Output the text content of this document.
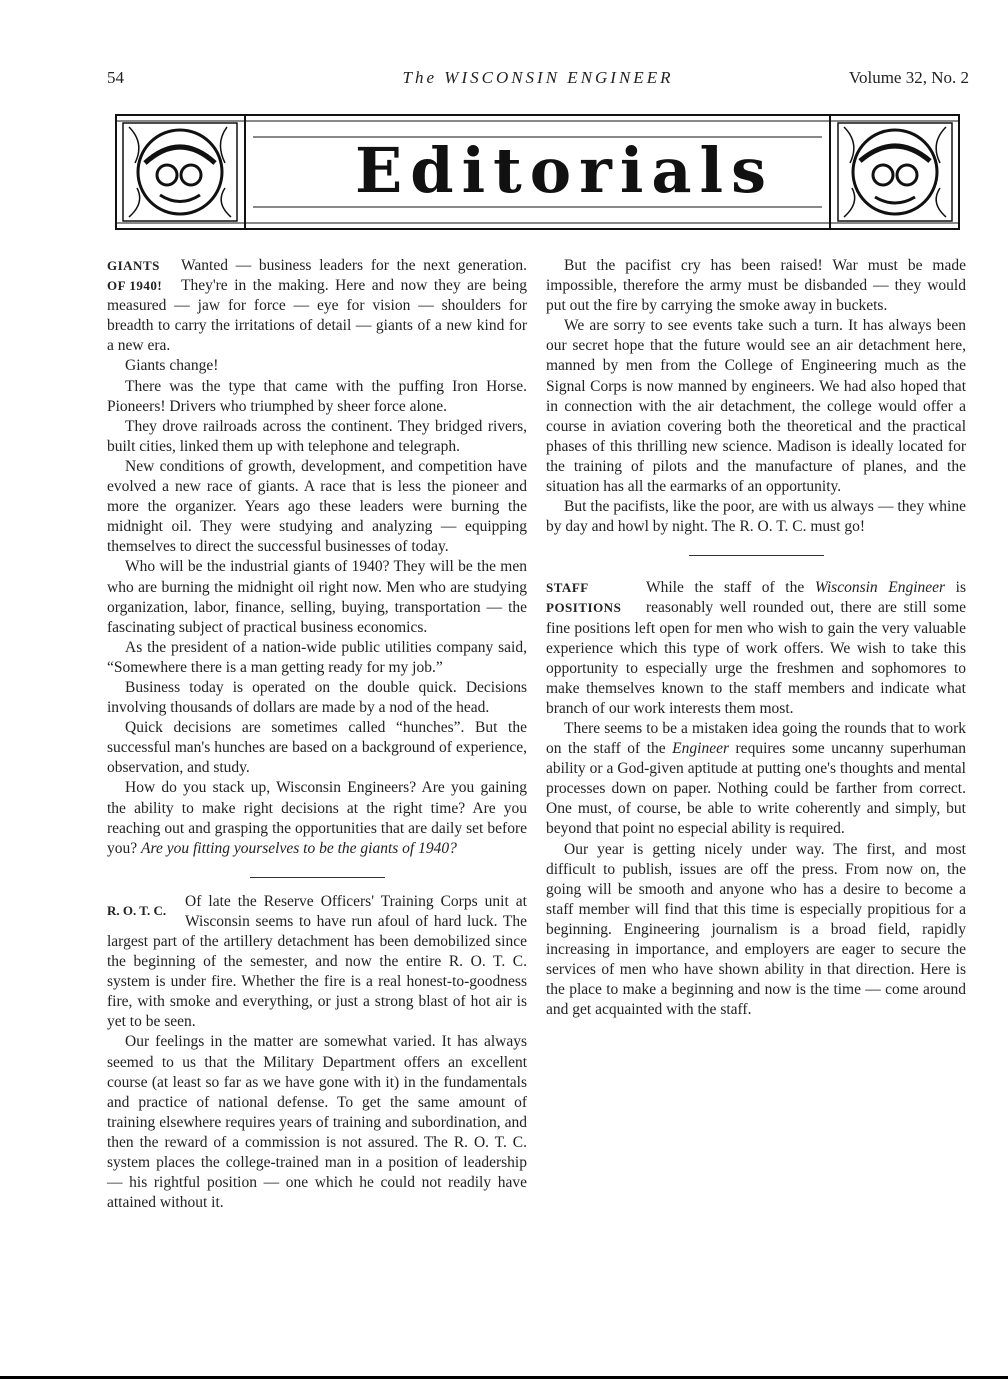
54	The WISCONSIN ENGINEER	Volume 32, No. 2
Editorials
GIANTS
OF 1940!

Wanted — business leaders for the next generation. They're in the making. Here and now they are being measured — jaw for force — eye for vision — shoulders for breadth to carry the irritations of detail — giants of a new kind for a new era.

Giants change!

There was the type that came with the puffing Iron Horse. Pioneers! Drivers who triumphed by sheer force alone.

They drove railroads across the continent. They bridged rivers, built cities, linked them up with telephone and telegraph.

New conditions of growth, development, and competition have evolved a new race of giants. A race that is less the pioneer and more the organizer. Years ago these leaders were burning the midnight oil. They were studying and analyzing — equipping themselves to direct the successful businesses of today.

Who will be the industrial giants of 1940? They will be the men who are burning the midnight oil right now. Men who are studying organization, labor, finance, selling, buying, transportation — the fascinating subject of practical business economics.

As the president of a nation-wide public utilities company said, “Somewhere there is a man getting ready for my job.”

Business today is operated on the double quick. Decisions involving thousands of dollars are made by a nod of the head.

Quick decisions are sometimes called “hunches”. But the successful man's hunches are based on a background of experience, observation, and study.

How do you stack up, Wisconsin Engineers? Are you gaining the ability to make right decisions at the right time? Are you reaching out and grasping the opportunities that are daily set before you? Are you fitting yourselves to be the giants of 1940?

R. O. T. C.

Of late the Reserve Officers' Training Corps unit at Wisconsin seems to have run afoul of hard luck. The largest part of the artillery detachment has been demobilized since the beginning of the semester, and now the entire R. O. T. C. system is under fire. Whether the fire is a real honest-to-goodness fire, with smoke and everything, or just a strong blast of hot air is yet to be seen.

Our feelings in the matter are somewhat varied. It has always seemed to us that the Military Department offers an excellent course (at least so far as we have gone with it) in the fundamentals and practice of national defense. To get the same amount of training elsewhere requires years of training and subordination, and then the reward of a commission is not assured. The R. O. T. C. system places the college-trained man in a position of leadership — his rightful position — one which he could not readily have attained without it.

But the pacifist cry has been raised! War must be made impossible, therefore the army must be disbanded — they would put out the fire by carrying the smoke away in buckets.

We are sorry to see events take such a turn. It has always been our secret hope that the future would see an air detachment here, manned by men from the College of Engineering much as the Signal Corps is now manned by engineers. We had also hoped that in connection with the air detachment, the college would offer a course in aviation covering both the theoretical and the practical phases of this thrilling new science. Madison is ideally located for the training of pilots and the manufacture of planes, and the situation has all the earmarks of an opportunity.

But the pacifists, like the poor, are with us always — they whine by day and howl by night. The R. O. T. C. must go!

STAFF
POSITIONS

While the staff of the Wisconsin Engineer is reasonably well rounded out, there are still some fine positions left open for men who wish to gain the very valuable experience which this type of work offers. We wish to take this opportunity to especially urge the freshmen and sophomores to make themselves known to the staff members and indicate what branch of our work interests them most.

There seems to be a mistaken idea going the rounds that to work on the staff of the Engineer requires some uncanny superhuman ability or a God-given aptitude at putting one's thoughts and mental processes down on paper. Nothing could be farther from correct. One must, of course, be able to write coherently and simply, but beyond that point no especial ability is required.

Our year is getting nicely under way. The first, and most difficult to publish, issues are off the press. From now on, the going will be smooth and anyone who has a desire to become a staff member will find that this time is especially propitious for a beginning. Engineering journalism is a broad field, rapidly increasing in importance, and employers are eager to secure the services of men who have shown ability in that direction. Here is the place to make a beginning and now is the time — come around and get acquainted with the staff.
